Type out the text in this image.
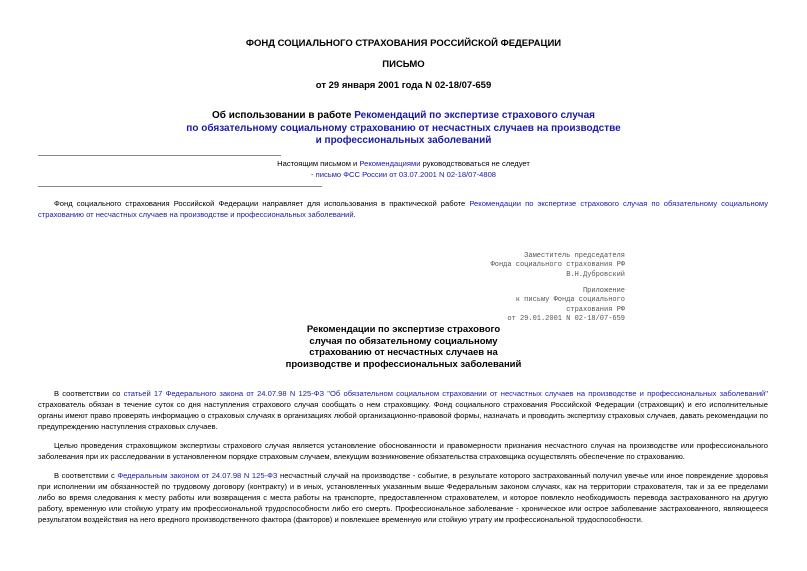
ФОНД СОЦИАЛЬНОГО СТРАХОВАНИЯ РОССИЙСКОЙ ФЕДЕРАЦИИ
ПИСЬМО
от 29 января 2001 года N 02-18/07-659
Об использовании в работе Рекомендаций по экспертизе страхового случая
по обязательному социальному страхованию от несчастных случаев на производстве
и профессиональных заболеваний
Настоящим письмом и Рекомендациями руководствоваться не следует
- письмо ФСС России от 03.07.2001 N 02-18/07-4808
Фонд социального страхования Российской Федерации направляет для использования в практической работе Рекомендации по экспертизе страхового случая по обязательному социальному страхованию от несчастных случаев на производстве и профессиональных заболеваний.
Заместитель председателя
Фонда социального страхования РФ
В.Н.Дубровский
Приложение
к письму Фонда социального
страхования РФ
от 29.01.2001 N 02-18/07-659
Рекомендации по экспертизе страхового
случая по обязательному социальному
страхованию от несчастных случаев на
производстве и профессиональных заболеваний
В соответствии со статьей 17 Федерального закона от 24.07.98 N 125-ФЗ "Об обязательном социальном страховании от несчастных случаев на производстве и профессиональных заболеваний" страхователь обязан в течение суток со дня наступления страхового случая сообщать о нем страховщику. Фонд социального страхования Российской Федерации (страховщик) и его исполнительные органы имеют право проверять информацию о страховых случаях в организациях любой организационно-правовой формы, назначать и проводить экспертизу страховых случаев, давать рекомендации по предупреждению наступления страховых случаев.
Целью проведения страховщиком экспертизы страхового случая является установление обоснованности и правомерности признания несчастного случая на производстве или профессионального заболевания при их расследовании в установленном порядке страховым случаем, влекущим возникновение обязательства страховщика осуществлять обеспечение по страхованию.
В соответствии с Федеральным законом от 24.07.98 N 125-ФЗ несчастный случай на производстве - событие, в результате которого застрахованный получил увечье или иное повреждение здоровья при исполнении им обязанностей по трудовому договору (контракту) и в иных, установленных указанным выше Федеральным законом случаях, как на территории страхователя, так и за ее пределами либо во время следования к месту работы или возвращения с места работы на транспорте, предоставленном страхователем, и которое повлекло необходимость перевода застрахованного на другую работу, временную или стойкую утрату им профессиональной трудоспособности либо его смерть. Профессиональное заболевание - хроническое или острое заболевание застрахованного, являющееся результатом воздействия на него вредного производственного фактора (факторов) и повлекшее временную или стойкую утрату им профессиональной трудоспособности.
